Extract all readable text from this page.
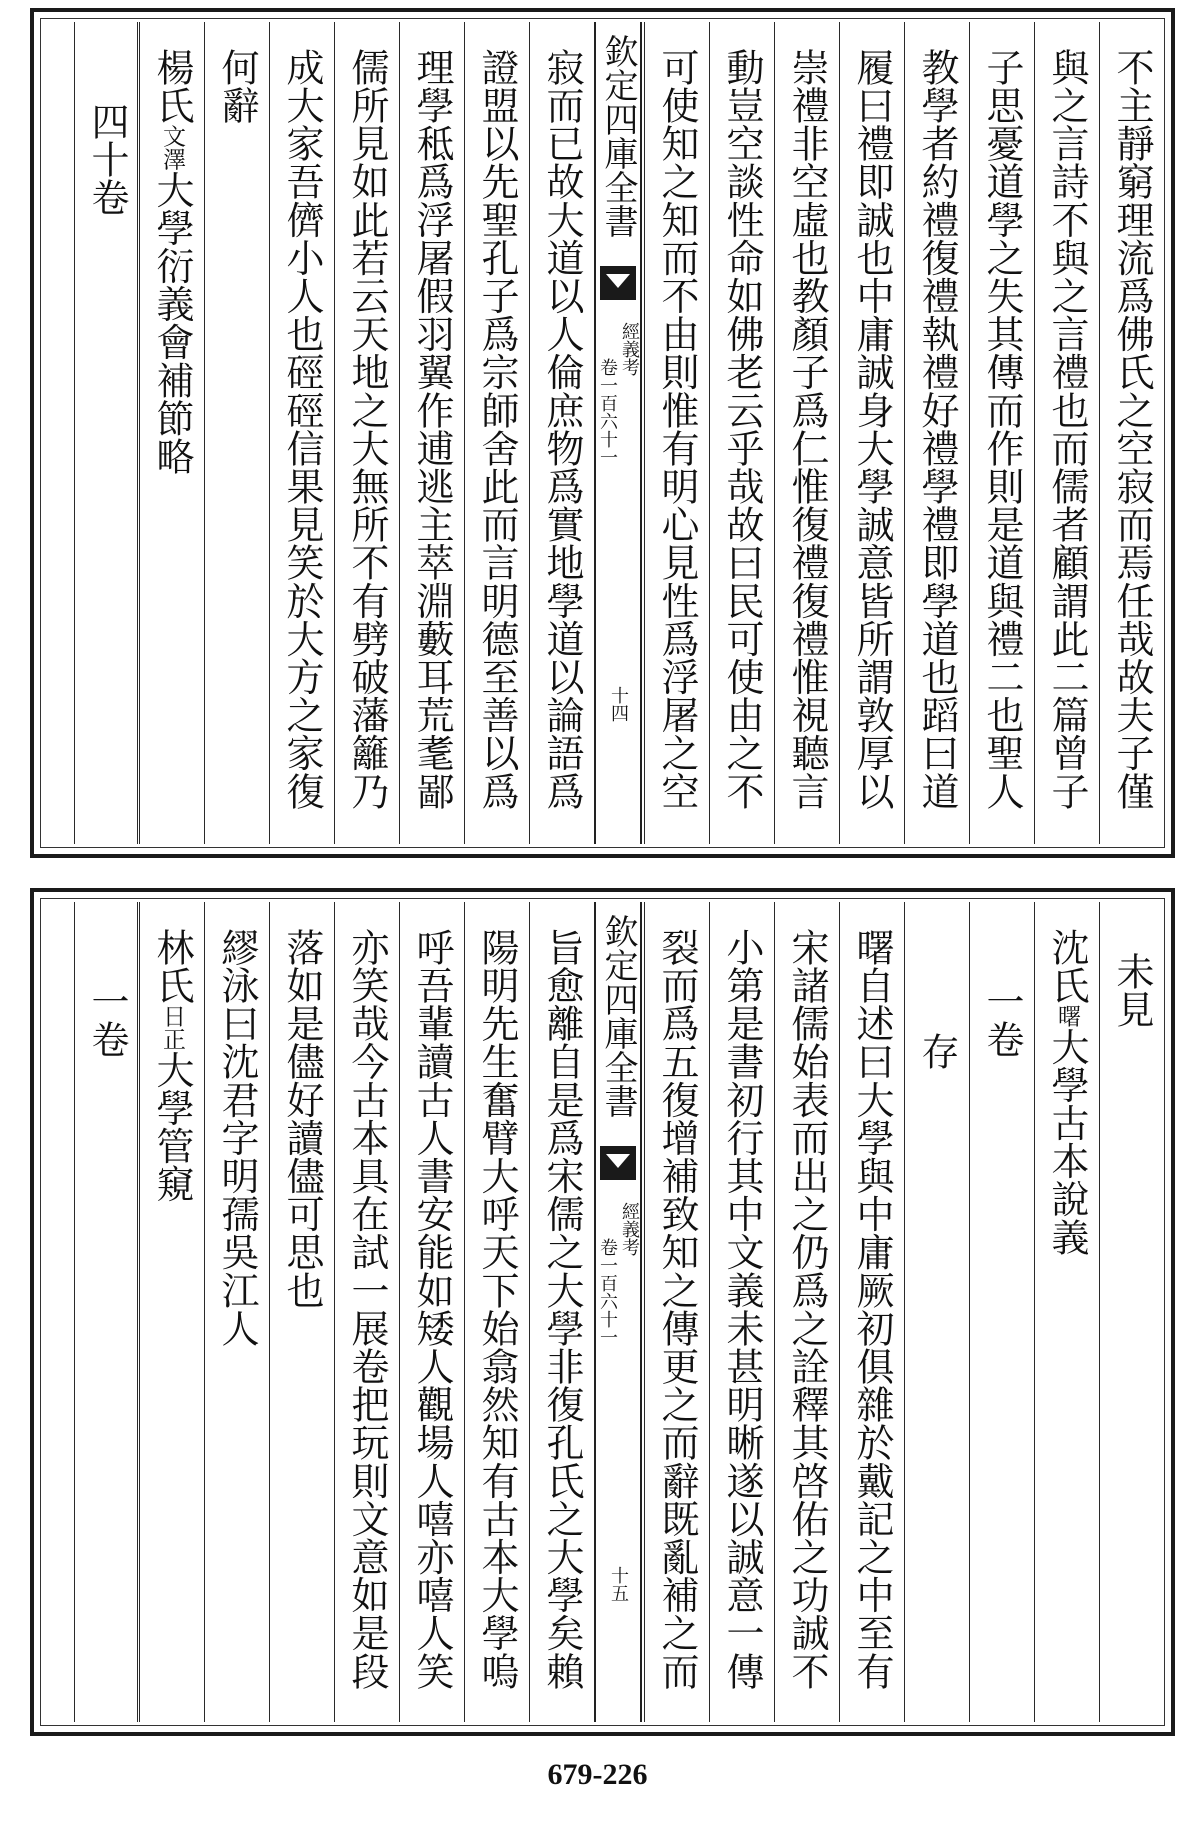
不主靜窮理流爲佛氏之空寂而焉任哉故夫子僅
與之言詩不與之言禮也而儒者顧謂此二篇曾子
子思憂道學之失其傳而作則是道與禮二也聖人
教學者約禮復禮執禮好禮學禮即學道也蹈曰道
履曰禮即誠也中庸誠身大學誠意皆所謂敦厚以
崇禮非空虛也教顏子爲仁惟復禮復禮惟視聽言
動豈空談性命如佛老云乎哉故曰民可使由之不
可使知之知而不由則惟有明心見性爲浮屠之空
欽定四庫全書
經義考
卷一百六十一
十四
寂而已故大道以人倫庶物爲實地學道以論語爲
證盟以先聖孔子爲宗師舍此而言明德至善以爲
理學秪爲浮屠假羽翼作逋逃主萃淵藪耳荒耄鄙
儒所見如此若云天地之大無所不有劈破藩籬乃
成大家吾儕小人也硜硜信果見笑於大方之家復
何辭
楊氏文澤大學衍義會補節略
四十卷
未見
沈氏曙大學古本說義
一卷
存
曙自述曰大學與中庸厥初俱雜於戴記之中至有
宋諸儒始表而出之仍爲之詮釋其啓佑之功誠不
小第是書初行其中文義未甚明晰遂以誠意一傳
裂而爲五復增補致知之傳更之而辭既亂補之而
欽定四庫全書
經義考
卷一百六十一
十五
旨愈離自是爲宋儒之大學非復孔氏之大學矣賴
陽明先生奮臂大呼天下始翕然知有古本大學嗚
呼吾輩讀古人書安能如矮人觀場人嘻亦嘻人笑
亦笑哉今古本具在試一展卷把玩則文意如是段
落如是儘好讀儘可思也
繆泳曰沈君字明孺吳江人
林氏日正大學管窺
一卷
679-226
